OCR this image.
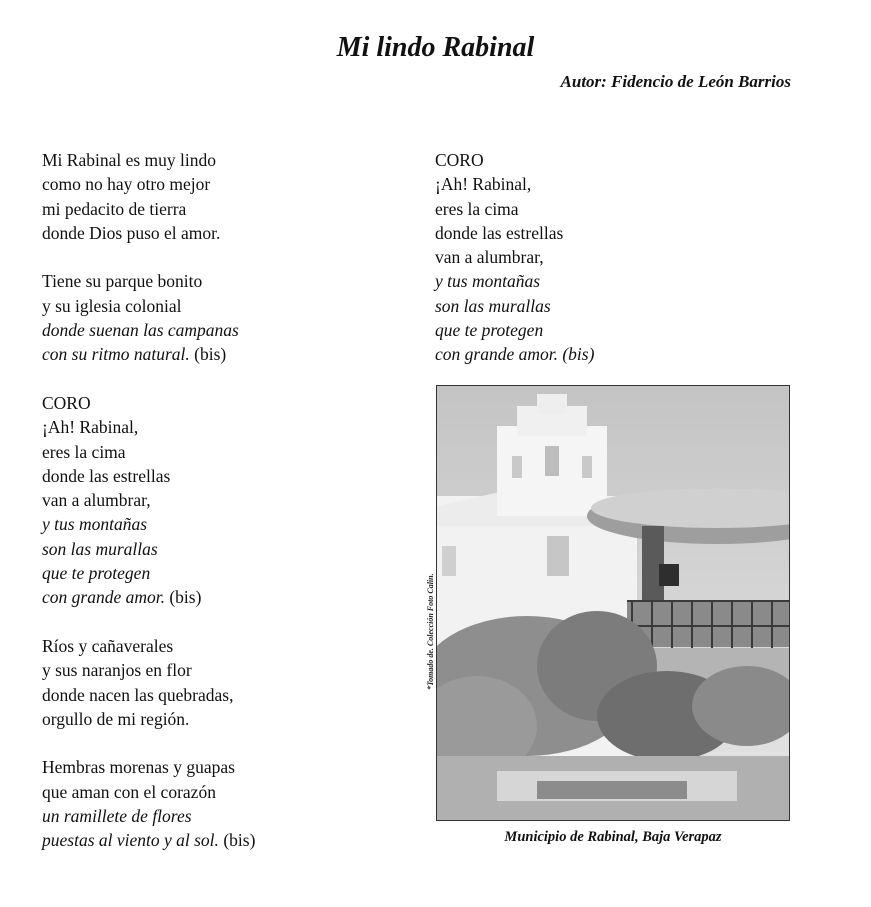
Mi lindo Rabinal
Autor: Fidencio de León Barrios

Mi Rabinal es muy lindo
como no hay otro mejor
mi pedacito de tierra
donde Dios puso el amor.

Tiene su parque bonito
y su iglesia colonial
donde suenan las campanas
con su ritmo natural. (bis)

CORO
¡Ah! Rabinal,
eres la cima
donde las estrellas
van a alumbrar,
y tus montañas
son las murallas
que te protegen
con grande amor. (bis)

Ríos y cañaverales
y sus naranjos en flor
donde nacen las quebradas,
orgullo de mi región.

Hembras morenas y guapas
que aman con el corazón
un ramillete de flores
puestas al viento y al sol. (bis)

CORO
¡Ah! Rabinal,
eres la cima
donde las estrellas
van a alumbrar,
y tus montañas
son las murallas
que te protegen
con grande amor. (bis)

*Tomado de. Colección Foto Calin.
Municipio de Rabinal, Baja Verapaz
